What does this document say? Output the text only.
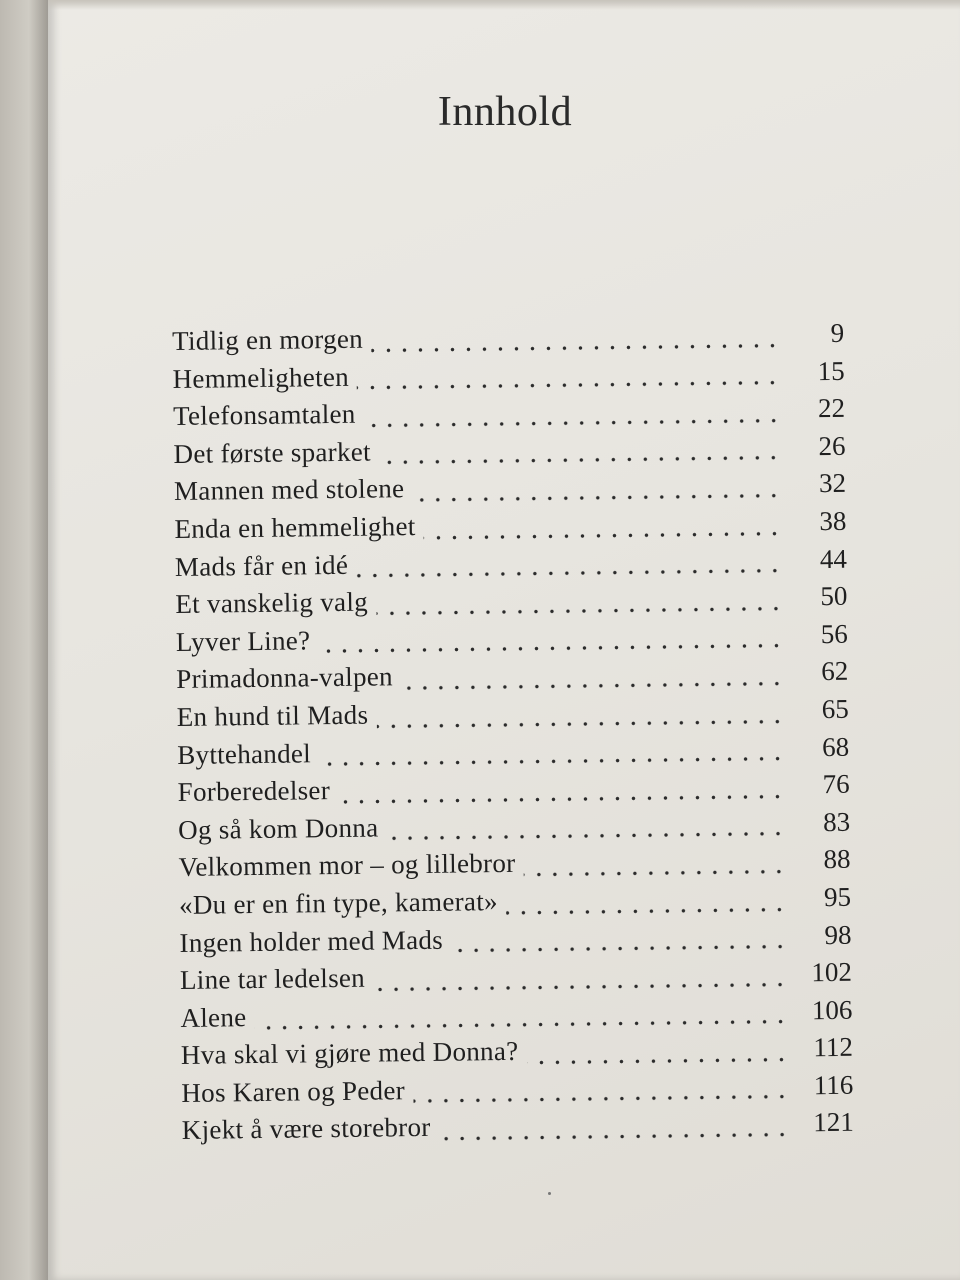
Innhold
Tidlig en morgen	9
Hemmeligheten	15
Telefonsamtalen	22
Det første sparket	26
Mannen med stolene	32
Enda en hemmelighet	38
Mads får en idé	44
Et vanskelig valg	50
Lyver Line?	56
Primadonna-valpen	62
En hund til Mads	65
Byttehandel	68
Forberedelser	76
Og så kom Donna	83
Velkommen mor – og lillebror	88
«Du er en fin type, kamerat»	95
Ingen holder med Mads	98
Line tar ledelsen	102
Alene	106
Hva skal vi gjøre med Donna?	112
Hos Karen og Peder	116
Kjekt å være storebror	121
